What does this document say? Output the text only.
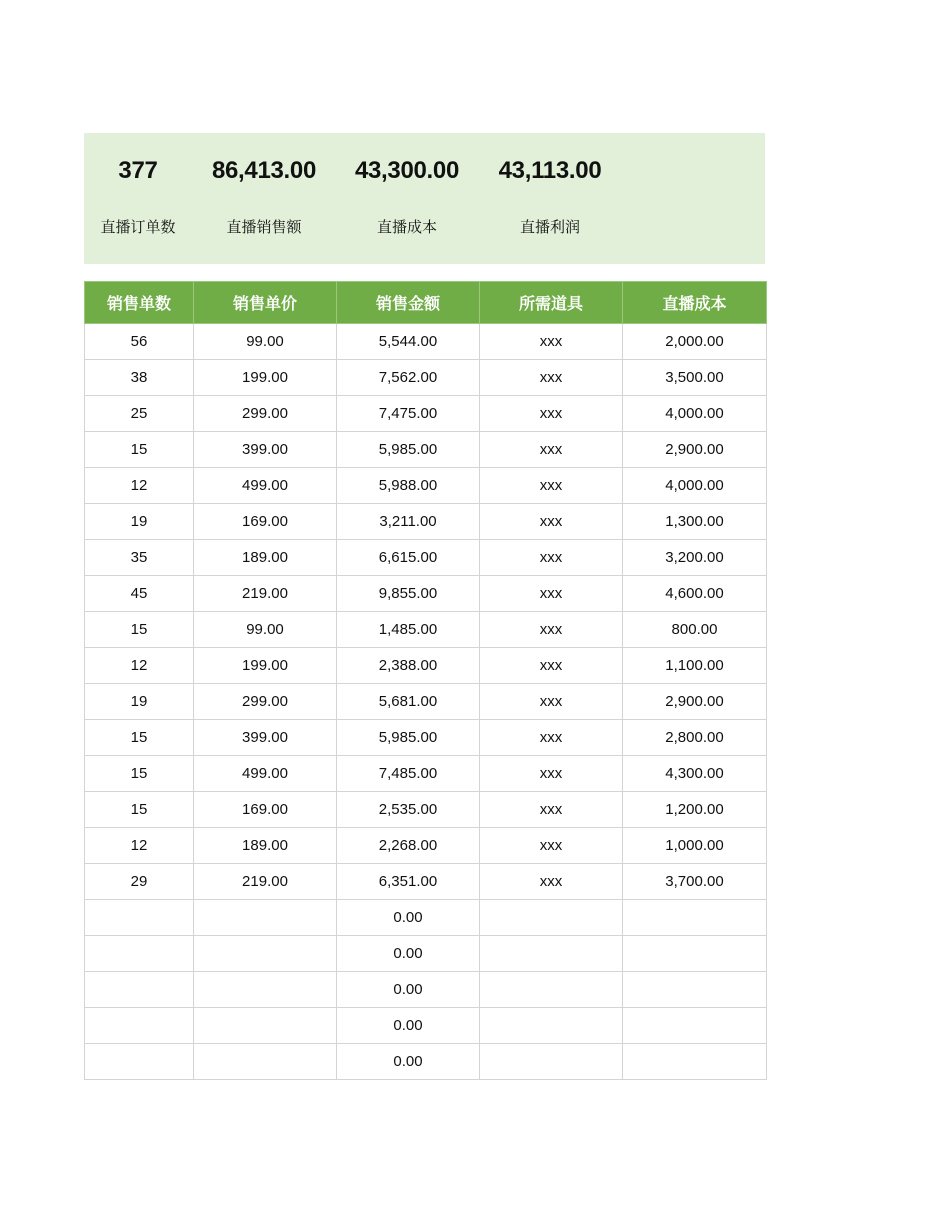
377
直播订单数
86,413.00
直播销售额
43,300.00
直播成本
43,113.00
直播利润
销售单数	销售单价	销售金额	所需道具	直播成本
56	99.00	5,544.00	xxx	2,000.00
38	199.00	7,562.00	xxx	3,500.00
25	299.00	7,475.00	xxx	4,000.00
15	399.00	5,985.00	xxx	2,900.00
12	499.00	5,988.00	xxx	4,000.00
19	169.00	3,211.00	xxx	1,300.00
35	189.00	6,615.00	xxx	3,200.00
45	219.00	9,855.00	xxx	4,600.00
15	99.00	1,485.00	xxx	800.00
12	199.00	2,388.00	xxx	1,100.00
19	299.00	5,681.00	xxx	2,900.00
15	399.00	5,985.00	xxx	2,800.00
15	499.00	7,485.00	xxx	4,300.00
15	169.00	2,535.00	xxx	1,200.00
12	189.00	2,268.00	xxx	1,000.00
29	219.00	6,351.00	xxx	3,700.00
		0.00		
		0.00		
		0.00		
		0.00		
		0.00		
